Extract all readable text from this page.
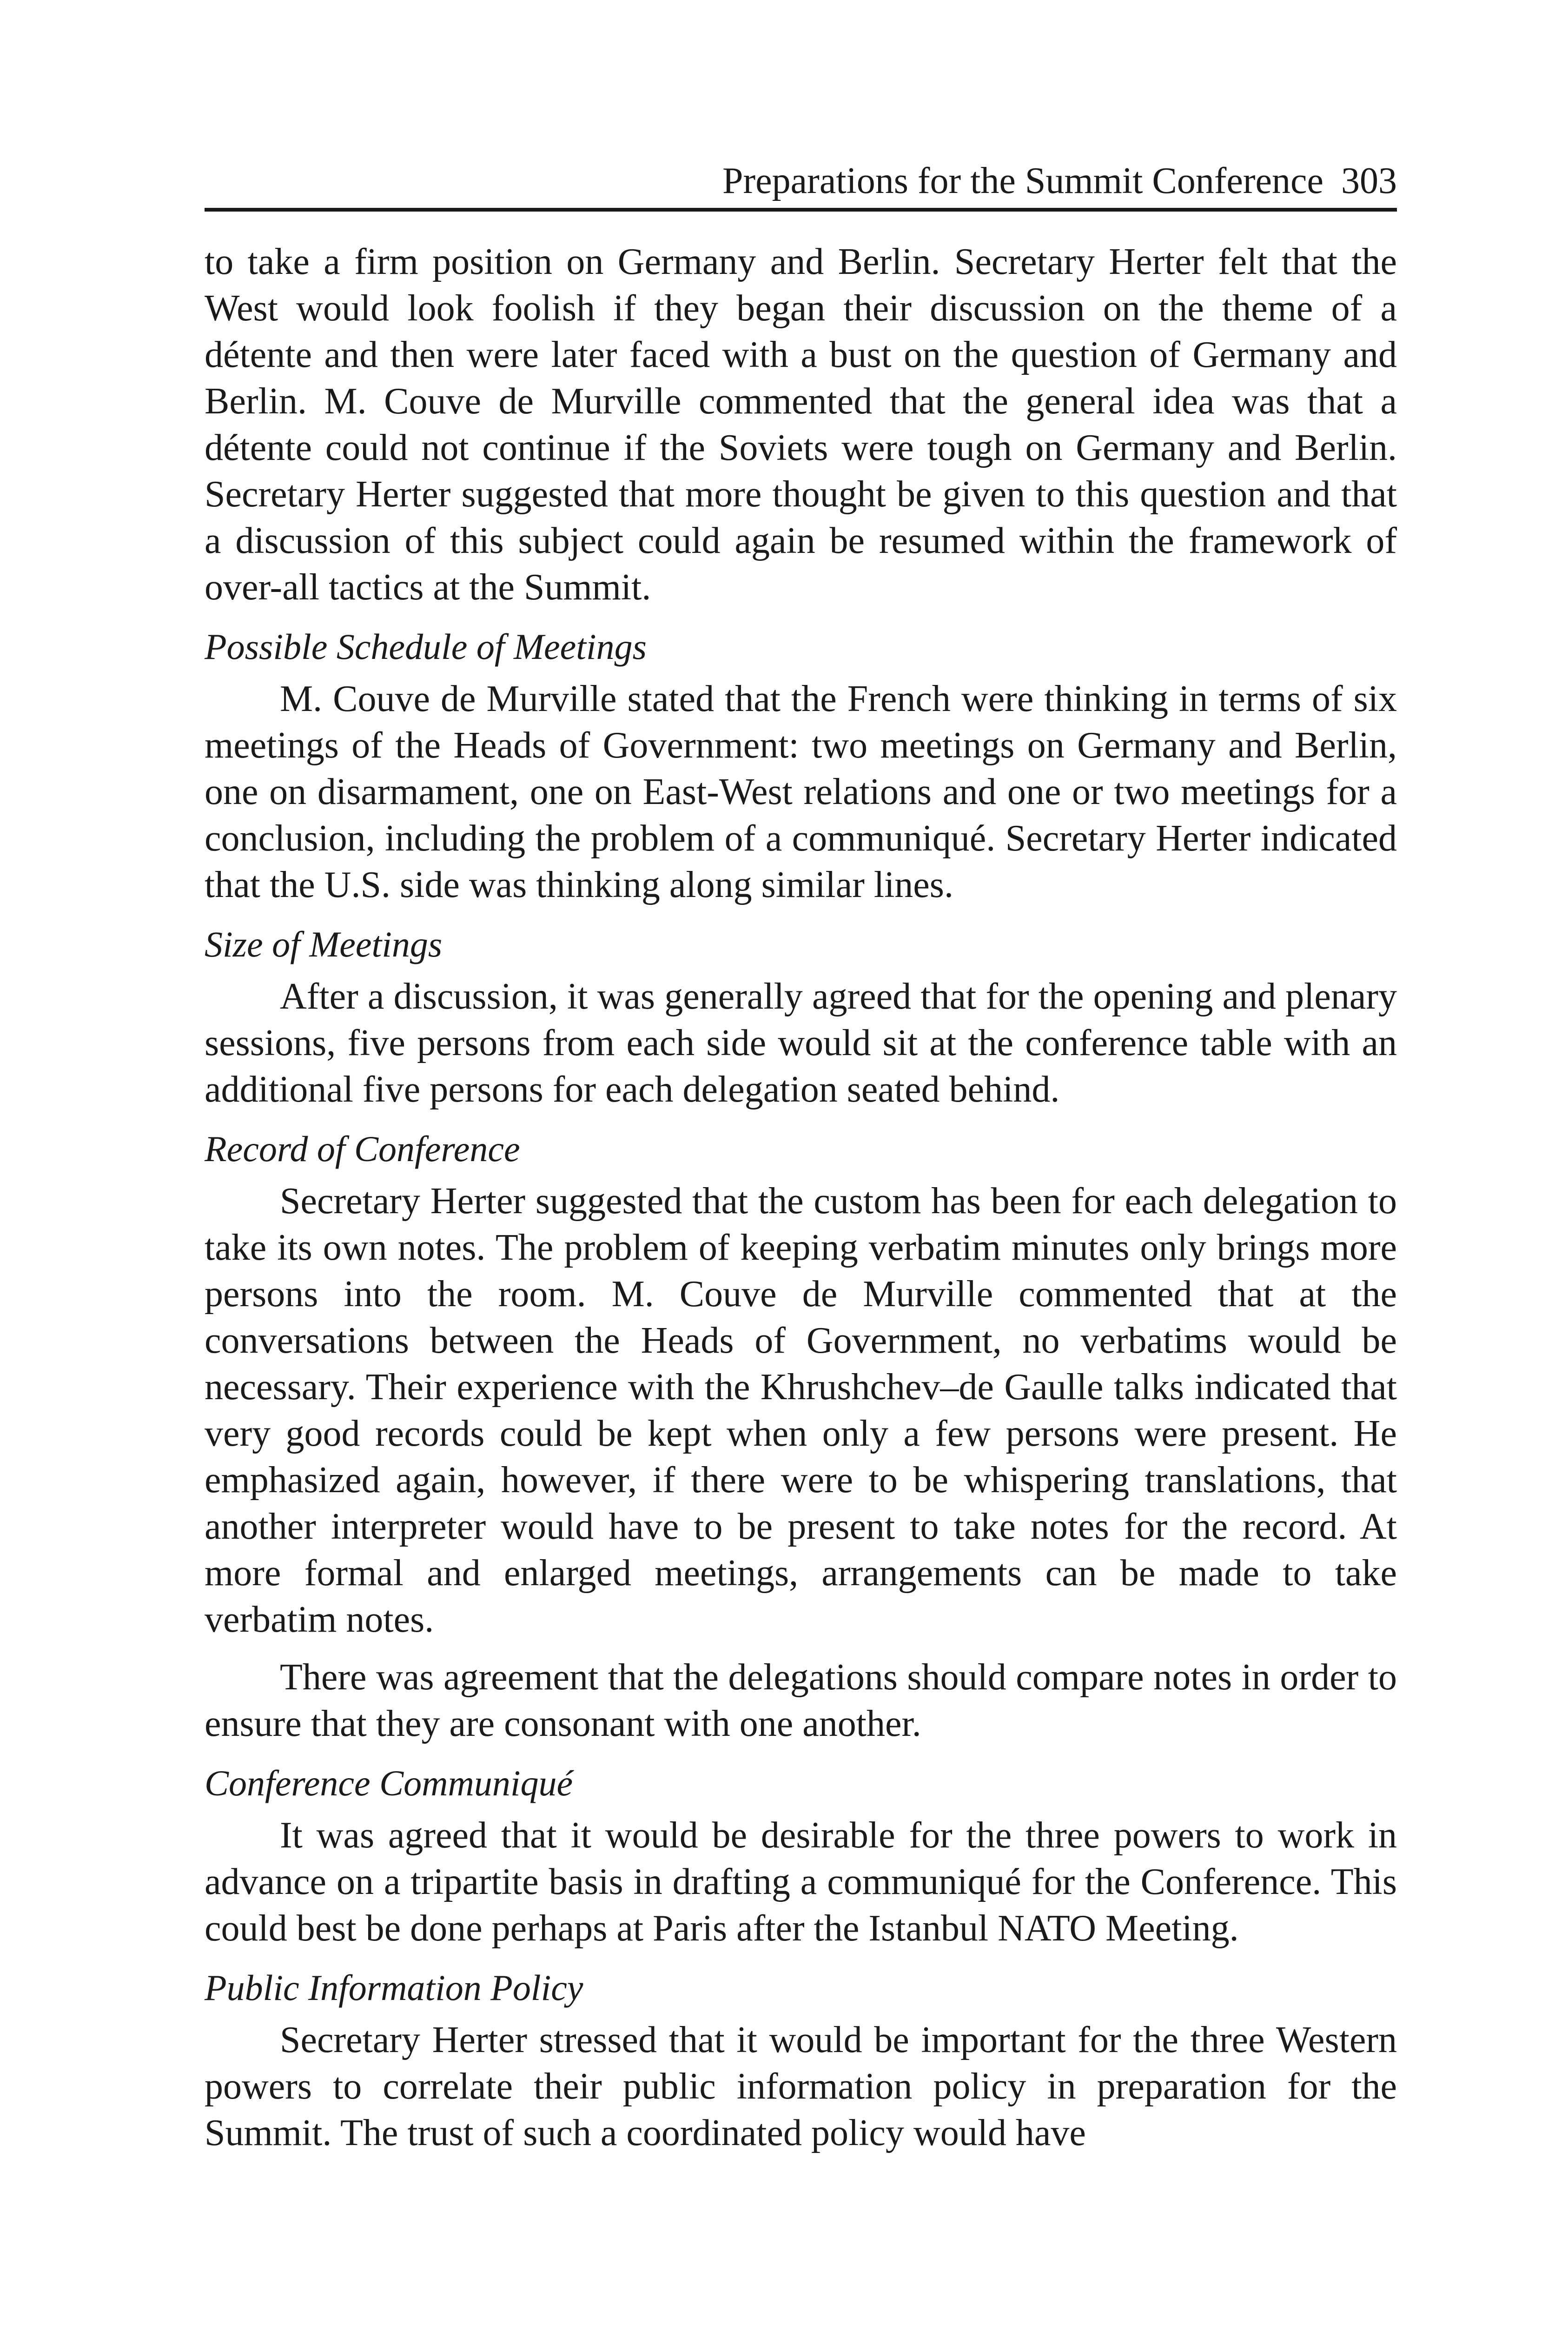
Preparations for the Summit Conference 303

to take a firm position on Germany and Berlin. Secretary Herter felt that the West would look foolish if they began their discussion on the theme of a détente and then were later faced with a bust on the question of Germany and Berlin. M. Couve de Murville commented that the general idea was that a détente could not continue if the Soviets were tough on Germany and Berlin. Secretary Herter suggested that more thought be given to this question and that a discussion of this subject could again be resumed within the framework of over-all tactics at the Summit.

Possible Schedule of Meetings

M. Couve de Murville stated that the French were thinking in terms of six meetings of the Heads of Government: two meetings on Germany and Berlin, one on disarmament, one on East-West relations and one or two meetings for a conclusion, including the problem of a communiqué. Secretary Herter indicated that the U.S. side was thinking along similar lines.

Size of Meetings

After a discussion, it was generally agreed that for the opening and plenary sessions, five persons from each side would sit at the conference table with an additional five persons for each delegation seated behind.

Record of Conference

Secretary Herter suggested that the custom has been for each delegation to take its own notes. The problem of keeping verbatim minutes only brings more persons into the room. M. Couve de Murville commented that at the conversations between the Heads of Government, no verbatims would be necessary. Their experience with the Khrushchev–de Gaulle talks indicated that very good records could be kept when only a few persons were present. He emphasized again, however, if there were to be whispering translations, that another interpreter would have to be present to take notes for the record. At more formal and enlarged meetings, arrangements can be made to take verbatim notes.

There was agreement that the delegations should compare notes in order to ensure that they are consonant with one another.

Conference Communiqué

It was agreed that it would be desirable for the three powers to work in advance on a tripartite basis in drafting a communiqué for the Conference. This could best be done perhaps at Paris after the Istanbul NATO Meeting.

Public Information Policy

Secretary Herter stressed that it would be important for the three Western powers to correlate their public information policy in preparation for the Summit. The trust of such a coordinated policy would have
